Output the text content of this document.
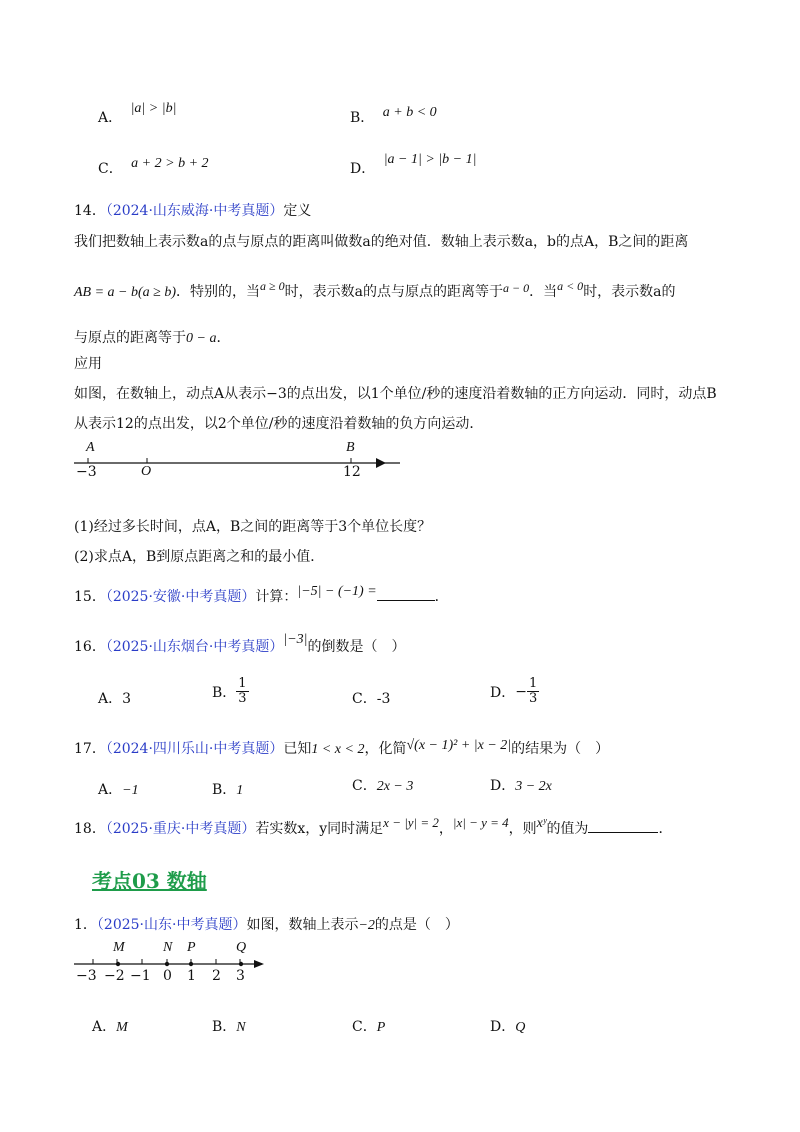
A． |a| > |b|
B． a + b < 0
C． a + 2 > b + 2	D． |a − 1| > |b − 1|
14．（2024·山东威海·中考真题）定义
我们把数轴上表示数a的点与原点的距离叫做数a的绝对值．数轴上表示数a，b的点A，B之间的距离
AB = a − b(a ≥ b)．特别的，当a ≥ 0时，表示数a的点与原点的距离等于a − 0．当a < 0时，表示数a的
与原点的距离等于0 − a．
应用
如图，在数轴上，动点A从表示−3的点出发，以1个单位/秒的速度沿着数轴的正方向运动．同时，动点B
从表示12的点出发，以2个单位/秒的速度沿着数轴的负方向运动．
A	B
−3	O	12
(1)经过多长时间，点A，B之间的距离等于3个单位长度？
(2)求点A，B到原点距离之和的最小值．
15．（2025·安徽·中考真题）计算：|−5| − (−1) =	．
16．（2025·山东烟台·中考真题）|−3|的倒数是（　）
A．3	B． $\frac{1}{3}$	C．-3	D．− $\frac{1}{3}$
17．（2024·四川乐山·中考真题）已知1 < x < 2，化简√(x − 1)² + |x − 2|的结果为（　）
A．−1	B．1	C．2x − 3	D．3 − 2x
18．（2025·重庆·中考真题）若实数x，y同时满足x − |y| = 2，|x| − y = 4，则xʸ的值为	．
考点03 数轴
1．（2025·山东·中考真题）如图，数轴上表示−2的点是（　）
M	N P	Q
−3 −2 −1 0 1 2 3
A．M	B．N	C．P	D．Q
